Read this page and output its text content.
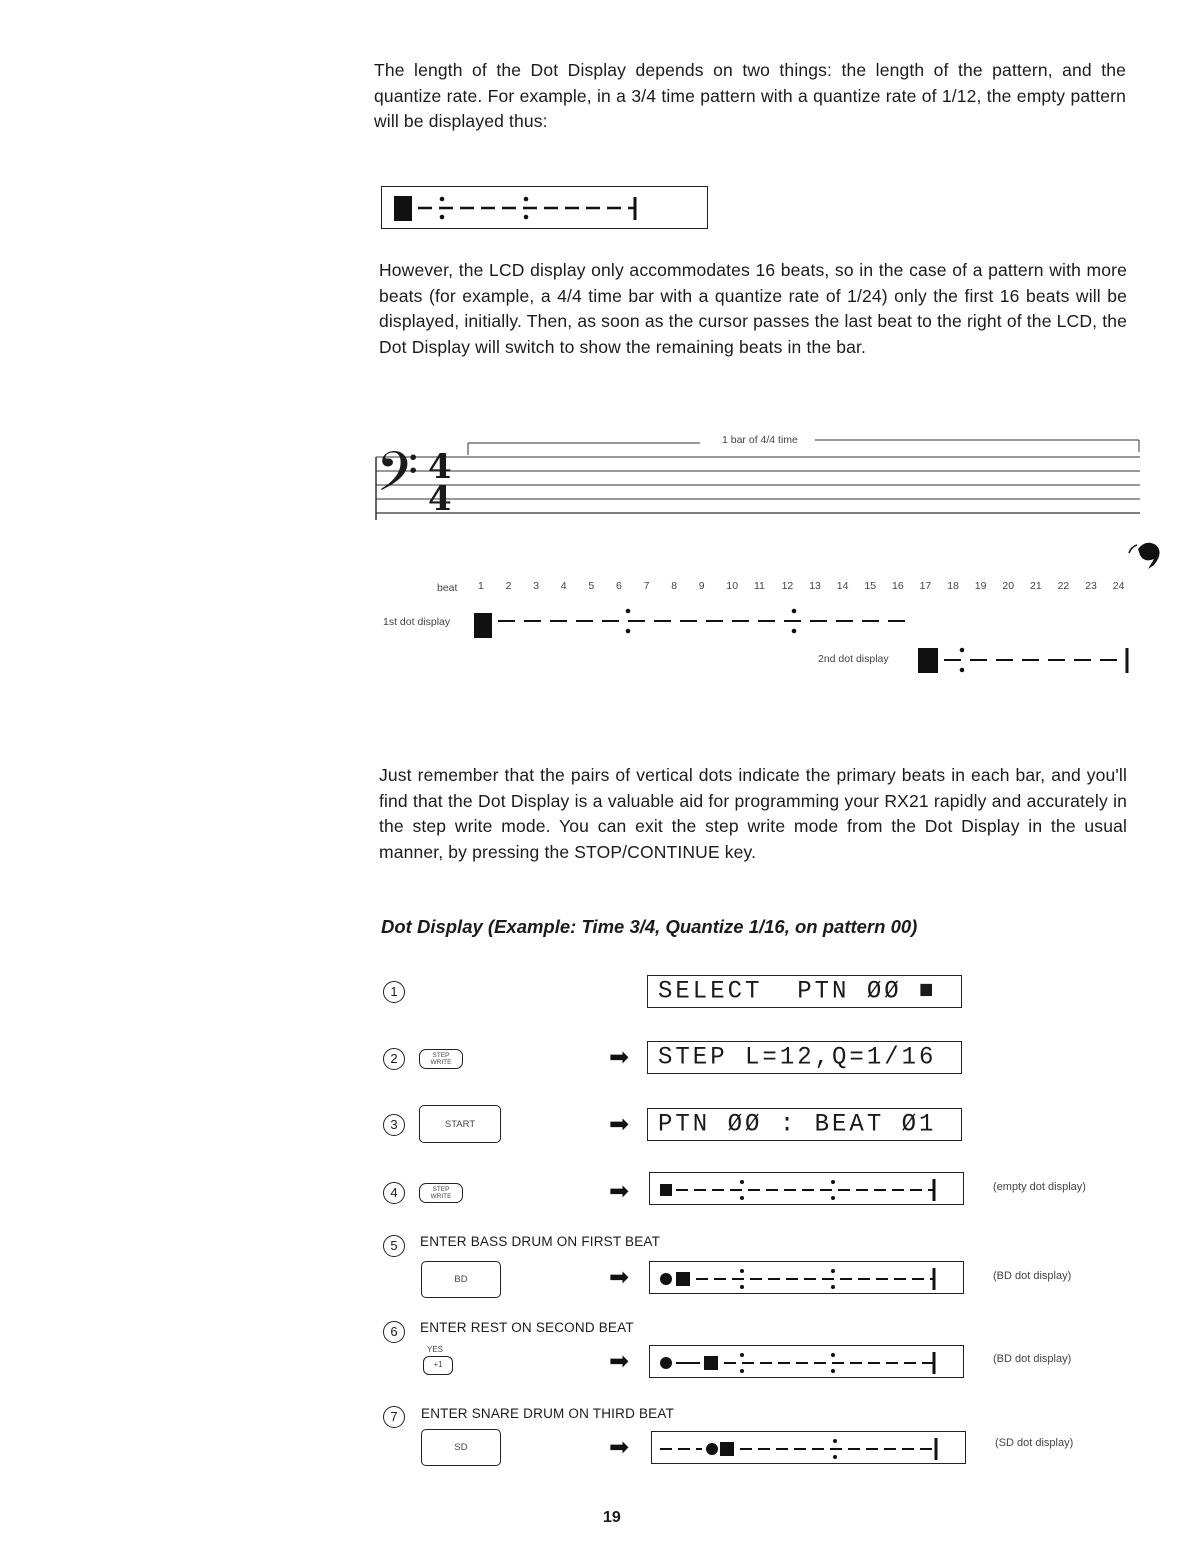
The length of the Dot Display depends on two things: the length of the pattern, and the quantize rate. For example, in a 3/4 time pattern with a quantize rate of 1/12, the empty pattern will be displayed thus:
However, the LCD display only accommodates 16 beats, so in the case of a pattern with more beats (for example, a 4/4 time bar with a quantize rate of 1/24) only the first 16 beats will be displayed, initially. Then, as soon as the cursor passes the last beat to the right of the LCD, the Dot Display will switch to show the remaining beats in the bar.
1 bar of 4/4 time
𝄢 4
4
beat 1 2 3 4 5 6 7 8 9 10 11 12 13 14 15 16 17 18 19 20 21 22 23 24
1st dot display
2nd dot display
Just remember that the pairs of vertical dots indicate the primary beats in each bar, and you'll find that the Dot Display is a valuable aid for programming your RX21 rapidly and accurately in the step write mode. You can exit the step write mode from the Dot Display in the usual manner, by pressing the STOP/CONTINUE key.
Dot Display (Example: Time 3/4, Quantize 1/16, on pattern 00)
1	SELECT  PTN ØØ ■
2	STEP WRITE	➡ STEP L=12,Q=1/16
3	START	➡ PTN ØØ : BEAT Ø1
4	STEP WRITE	➡	(empty dot display)
5	ENTER BASS DRUM ON FIRST BEAT
BD	➡	(BD dot display)
6	ENTER REST ON SECOND BEAT
YES
+1	➡	(BD dot display)
7	ENTER SNARE DRUM ON THIRD BEAT
SD	➡	(SD dot display)
19
